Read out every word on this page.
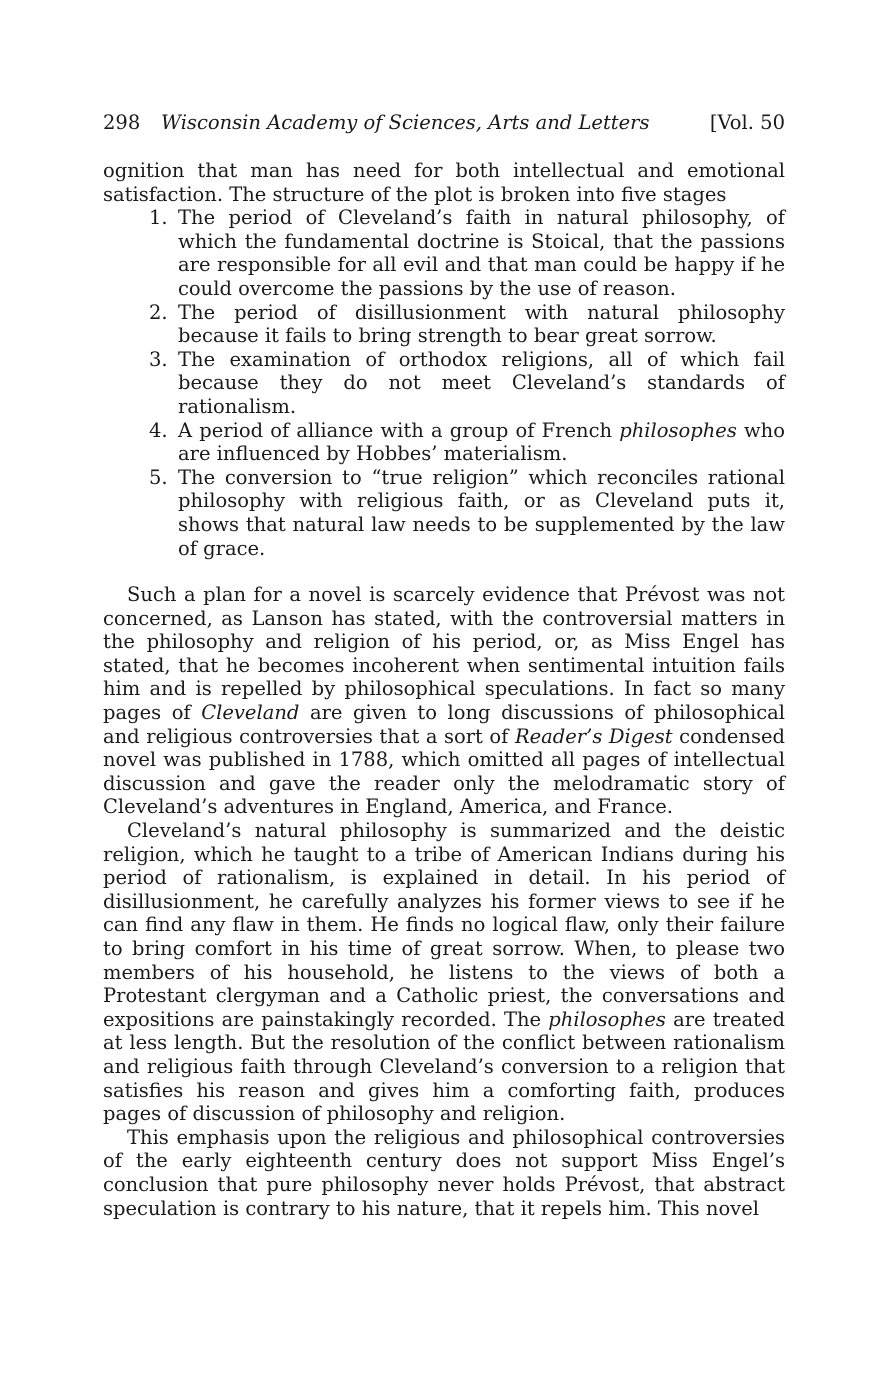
298 Wisconsin Academy of Sciences, Arts and Letters	[Vol. 50

ognition that man has need for both intellectual and emotional satisfaction. The structure of the plot is broken into five stages

1. The period of Cleveland’s faith in natural philosophy, of which the fundamental doctrine is Stoical, that the passions are responsible for all evil and that man could be happy if he could overcome the passions by the use of reason.
2. The period of disillusionment with natural philosophy because it fails to bring strength to bear great sorrow.
3. The examination of orthodox religions, all of which fail because they do not meet Cleveland’s standards of rationalism.
4. A period of alliance with a group of French philosophes who are influenced by Hobbes’ materialism.
5. The conversion to “true religion” which reconciles rational philosophy with religious faith, or as Cleveland puts it, shows that natural law needs to be supplemented by the law of grace.

Such a plan for a novel is scarcely evidence that Prévost was not concerned, as Lanson has stated, with the controversial matters in the philosophy and religion of his period, or, as Miss Engel has stated, that he becomes incoherent when sentimental intuition fails him and is repelled by philosophical speculations. In fact so many pages of Cleveland are given to long discussions of philosophical and religious controversies that a sort of Reader’s Digest condensed novel was published in 1788, which omitted all pages of intellectual discussion and gave the reader only the melodramatic story of Cleveland’s adventures in England, America, and France.

Cleveland’s natural philosophy is summarized and the deistic religion, which he taught to a tribe of American Indians during his period of rationalism, is explained in detail. In his period of disillusionment, he carefully analyzes his former views to see if he can find any flaw in them. He finds no logical flaw, only their failure to bring comfort in his time of great sorrow. When, to please two members of his household, he listens to the views of both a Protestant clergyman and a Catholic priest, the conversations and expositions are painstakingly recorded. The philosophes are treated at less length. But the resolution of the conflict between rationalism and religious faith through Cleveland’s conversion to a religion that satisfies his reason and gives him a comforting faith, produces pages of discussion of philosophy and religion.

This emphasis upon the religious and philosophical controversies of the early eighteenth century does not support Miss Engel’s conclusion that pure philosophy never holds Prévost, that abstract speculation is contrary to his nature, that it repels him. This novel
